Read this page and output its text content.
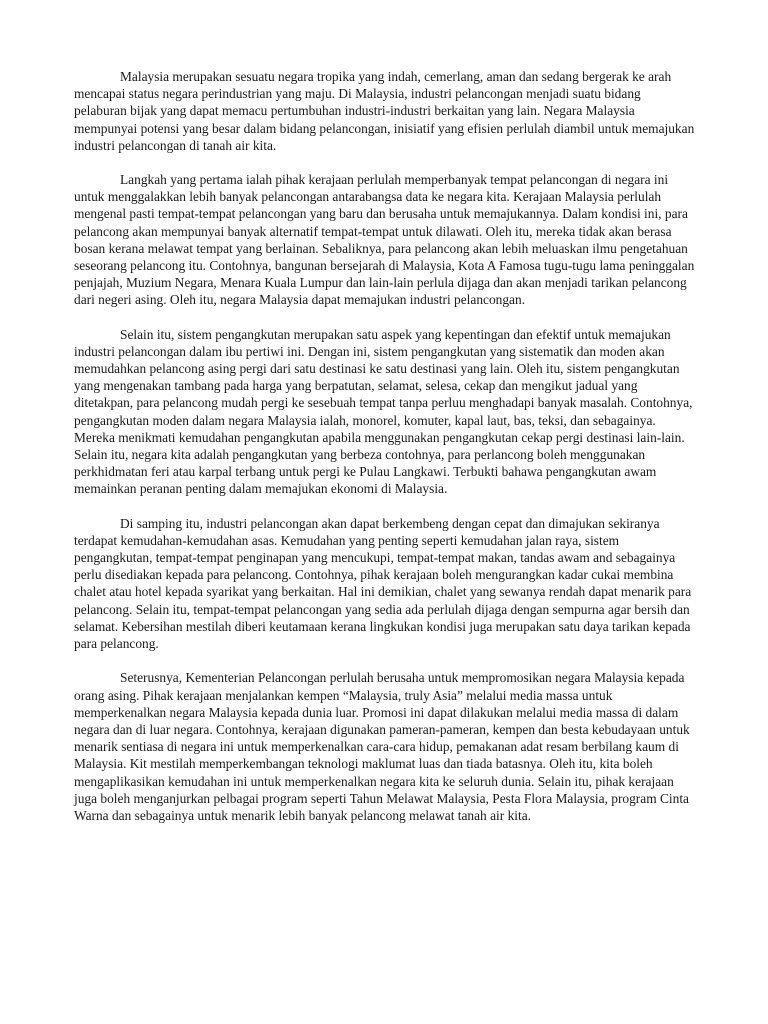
Malaysia merupakan sesuatu negara tropika yang indah, cemerlang, aman dan sedang bergerak ke arah mencapai status negara perindustrian yang maju. Di Malaysia, industri pelancongan menjadi suatu bidang pelaburan bijak yang dapat memacu pertumbuhan industri-industri berkaitan yang lain. Negara Malaysia mempunyai potensi yang besar dalam bidang pelancongan, inisiatif yang efisien perlulah diambil untuk memajukan industri pelancongan di tanah air kita.

Langkah yang pertama ialah pihak kerajaan perlulah memperbanyak tempat pelancongan di negara ini untuk menggalakkan lebih banyak pelancongan antarabangsa data ke negara kita. Kerajaan Malaysia perlulah mengenal pasti tempat-tempat pelancongan yang baru dan berusaha untuk memajukannya. Dalam kondisi ini, para pelancong akan mempunyai banyak alternatif tempat-tempat untuk dilawati. Oleh itu, mereka tidak akan berasa bosan kerana melawat tempat yang berlainan. Sebaliknya, para pelancong akan lebih meluaskan ilmu pengetahuan seseorang pelancong itu. Contohnya, bangunan bersejarah di Malaysia, Kota A Famosa tugu-tugu lama peninggalan penjajah, Muzium Negara, Menara Kuala Lumpur dan lain-lain perlula dijaga dan akan menjadi tarikan pelancong dari negeri asing. Oleh itu, negara Malaysia dapat memajukan industri pelancongan.

Selain itu, sistem pengangkutan merupakan satu aspek yang kepentingan dan efektif untuk memajukan industri pelancongan dalam ibu pertiwi ini. Dengan ini, sistem pengangkutan yang sistematik dan moden akan memudahkan pelancong asing pergi dari satu destinasi ke satu destinasi yang lain. Oleh itu, sistem pengangkutan yang mengenakan tambang pada harga yang berpatutan, selamat, selesa, cekap dan mengikut jadual yang ditetakpan, para pelancong mudah pergi ke sesebuah tempat tanpa perluu menghadapi banyak masalah. Contohnya, pengangkutan moden dalam negara Malaysia ialah, monorel, komuter, kapal laut, bas, teksi, dan sebagainya. Mereka menikmati kemudahan pengangkutan apabila menggunakan pengangkutan cekap pergi destinasi lain-lain. Selain itu, negara kita adalah pengangkutan yang berbeza contohnya, para perlancong boleh menggunakan perkhidmatan feri atau karpal terbang untuk pergi ke Pulau Langkawi. Terbukti bahawa pengangkutan awam memainkan peranan penting dalam memajukan ekonomi di Malaysia.

Di samping itu, industri pelancongan akan dapat berkembeng dengan cepat dan dimajukan sekiranya terdapat kemudahan-kemudahan asas. Kemudahan yang penting seperti kemudahan jalan raya, sistem pengangkutan, tempat-tempat penginapan yang mencukupi, tempat-tempat makan, tandas awam and sebagainya perlu disediakan kepada para pelancong. Contohnya, pihak kerajaan boleh mengurangkan kadar cukai membina chalet atau hotel kepada syarikat yang berkaitan. Hal ini demikian, chalet yang sewanya rendah dapat menarik para pelancong. Selain itu, tempat-tempat pelancongan yang sedia ada perlulah dijaga dengan sempurna agar bersih dan selamat. Kebersihan mestilah diberi keutamaan kerana lingkukan kondisi juga merupakan satu daya tarikan kepada para pelancong.

Seterusnya, Kementerian Pelancongan perlulah berusaha untuk mempromosikan negara Malaysia kepada orang asing. Pihak kerajaan menjalankan kempen “Malaysia, truly Asia” melalui media massa untuk memperkenalkan negara Malaysia kepada dunia luar. Promosi ini dapat dilakukan melalui media massa di dalam negara dan di luar negara. Contohnya, kerajaan digunakan pameran-pameran, kempen dan besta kebudayaan untuk menarik sentiasa di negara ini untuk memperkenalkan cara-cara hidup, pemakanan adat resam berbilang kaum di Malaysia. Kit mestilah memperkembangan teknologi maklumat luas dan tiada batasnya. Oleh itu, kita boleh mengaplikasikan kemudahan ini untuk memperkenalkan negara kita ke seluruh dunia. Selain itu, pihak kerajaan juga boleh menganjurkan pelbagai program seperti Tahun Melawat Malaysia, Pesta Flora Malaysia, program Cinta Warna dan sebagainya untuk menarik lebih banyak pelancong melawat tanah air kita.
